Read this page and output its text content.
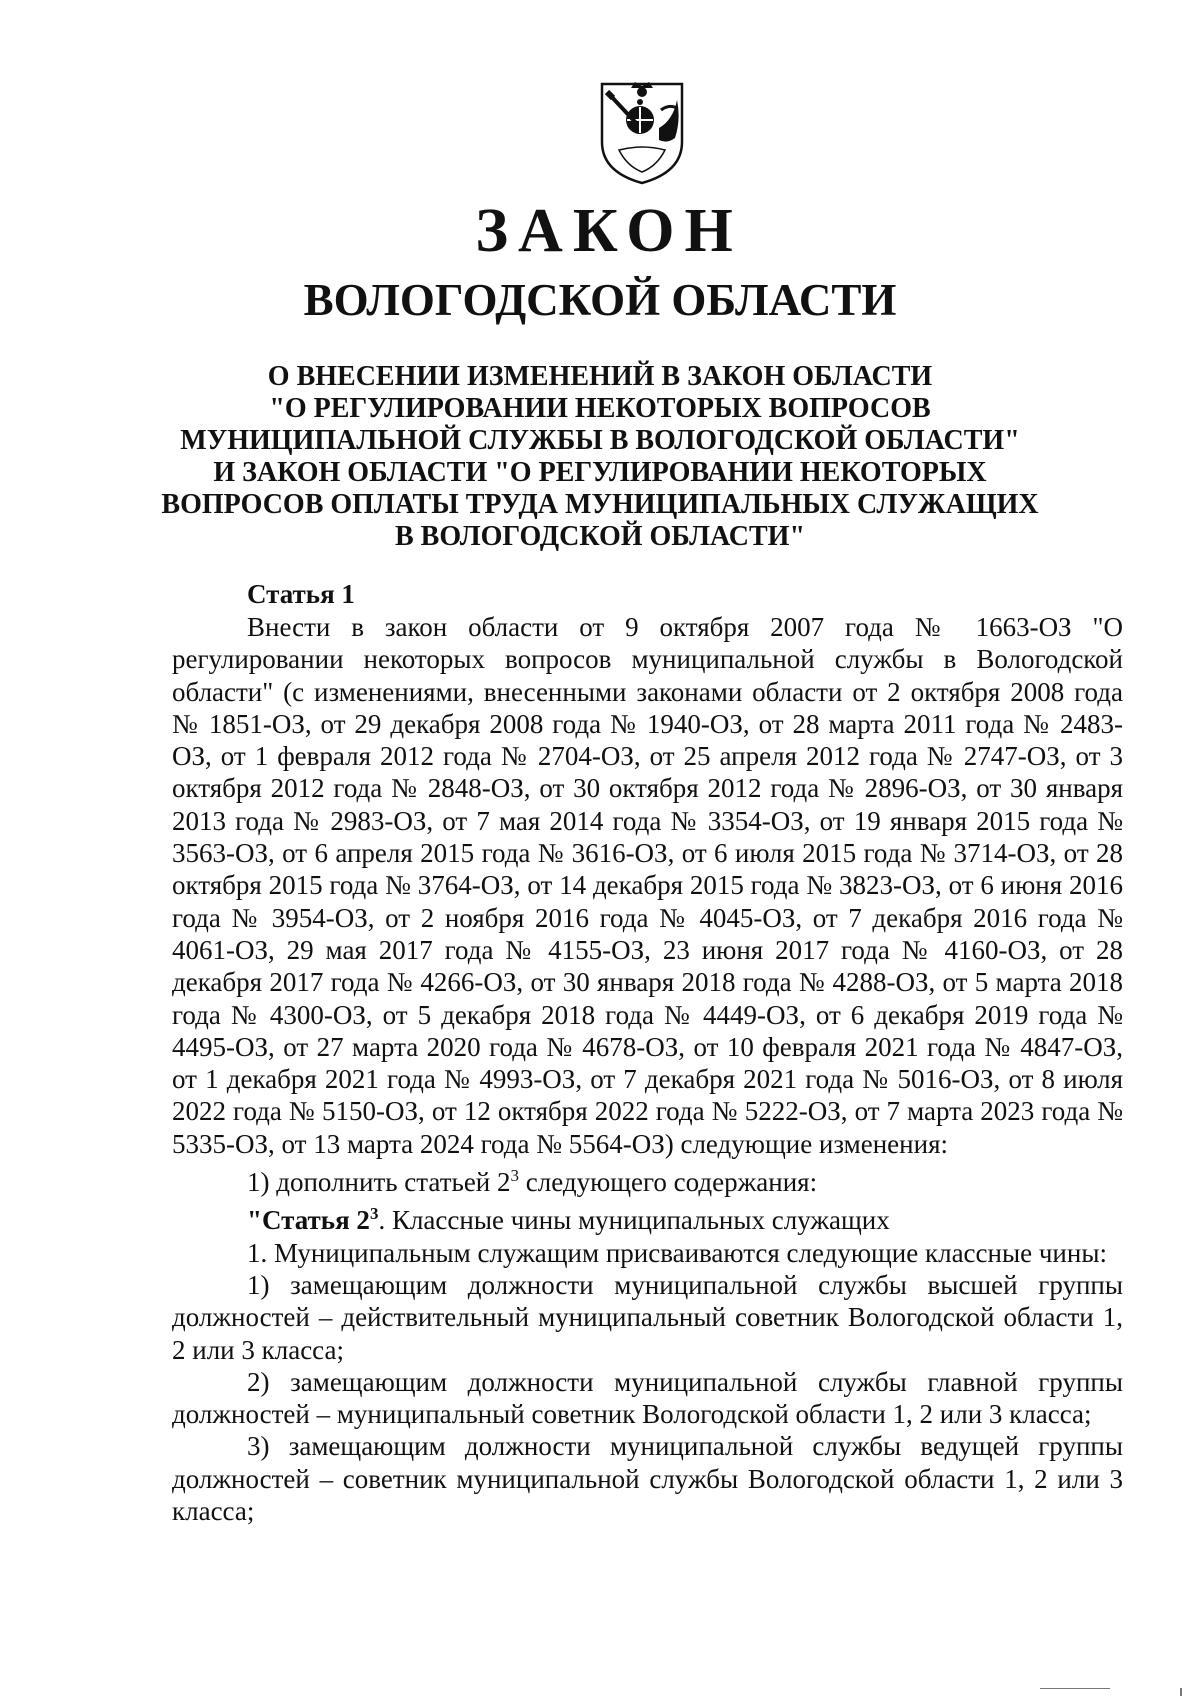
ЗАКОН
ВОЛОГОДСКОЙ ОБЛАСТИ
О ВНЕСЕНИИ ИЗМЕНЕНИЙ В ЗАКОН ОБЛАСТИ
"О РЕГУЛИРОВАНИИ НЕКОТОРЫХ ВОПРОСОВ
МУНИЦИПАЛЬНОЙ СЛУЖБЫ В ВОЛОГОДСКОЙ ОБЛАСТИ"
И ЗАКОН ОБЛАСТИ "О РЕГУЛИРОВАНИИ НЕКОТОРЫХ
ВОПРОСОВ ОПЛАТЫ ТРУДА МУНИЦИПАЛЬНЫХ СЛУЖАЩИХ
В ВОЛОГОДСКОЙ ОБЛАСТИ"
Статья 1

Внести в закон области от 9 октября 2007 года № 1663-ОЗ "О регулировании некоторых вопросов муниципальной службы в Вологодской области" (с изменениями, внесенными законами области от 2 октября 2008 года № 1851-ОЗ, от 29 декабря 2008 года № 1940-ОЗ, от 28 марта 2011 года № 2483-ОЗ, от 1 февраля 2012 года № 2704-ОЗ, от 25 апреля 2012 года № 2747-ОЗ, от 3 октября 2012 года № 2848-ОЗ, от 30 октября 2012 года № 2896-ОЗ, от 30 января 2013 года № 2983-ОЗ, от 7 мая 2014 года № 3354-ОЗ, от 19 января 2015 года № 3563-ОЗ, от 6 апреля 2015 года № 3616-ОЗ, от 6 июля 2015 года № 3714-ОЗ, от 28 октября 2015 года № 3764-ОЗ, от 14 декабря 2015 года № 3823-ОЗ, от 6 июня 2016 года № 3954-ОЗ, от 2 ноября 2016 года № 4045-ОЗ, от 7 декабря 2016 года № 4061-ОЗ, 29 мая 2017 года № 4155-ОЗ, 23 июня 2017 года № 4160-ОЗ, от 28 декабря 2017 года № 4266-ОЗ, от 30 января 2018 года № 4288-ОЗ, от 5 марта 2018 года № 4300-ОЗ, от 5 декабря 2018 года № 4449-ОЗ, от 6 декабря 2019 года № 4495-ОЗ, от 27 марта 2020 года № 4678-ОЗ, от 10 февраля 2021 года № 4847-ОЗ, от 1 декабря 2021 года № 4993-ОЗ, от 7 декабря 2021 года № 5016-ОЗ, от 8 июля 2022 года № 5150-ОЗ, от 12 октября 2022 года № 5222-ОЗ, от 7 марта 2023 года № 5335-ОЗ, от 13 марта 2024 года № 5564-ОЗ) следующие изменения:

1) дополнить статьей $2^3$ следующего содержания:

"Статья $2^3$. Классные чины муниципальных служащих

1. Муниципальным служащим присваиваются следующие классные чины:

1) замещающим должности муниципальной службы высшей группы должностей – действительный муниципальный советник Вологодской области 1, 2 или 3 класса;

2) замещающим должности муниципальной службы главной группы должностей – муниципальный советник Вологодской области 1, 2 или 3 класса;

3) замещающим должности муниципальной службы ведущей группы должностей – советник муниципальной службы Вологодской области 1, 2 или 3 класса;
